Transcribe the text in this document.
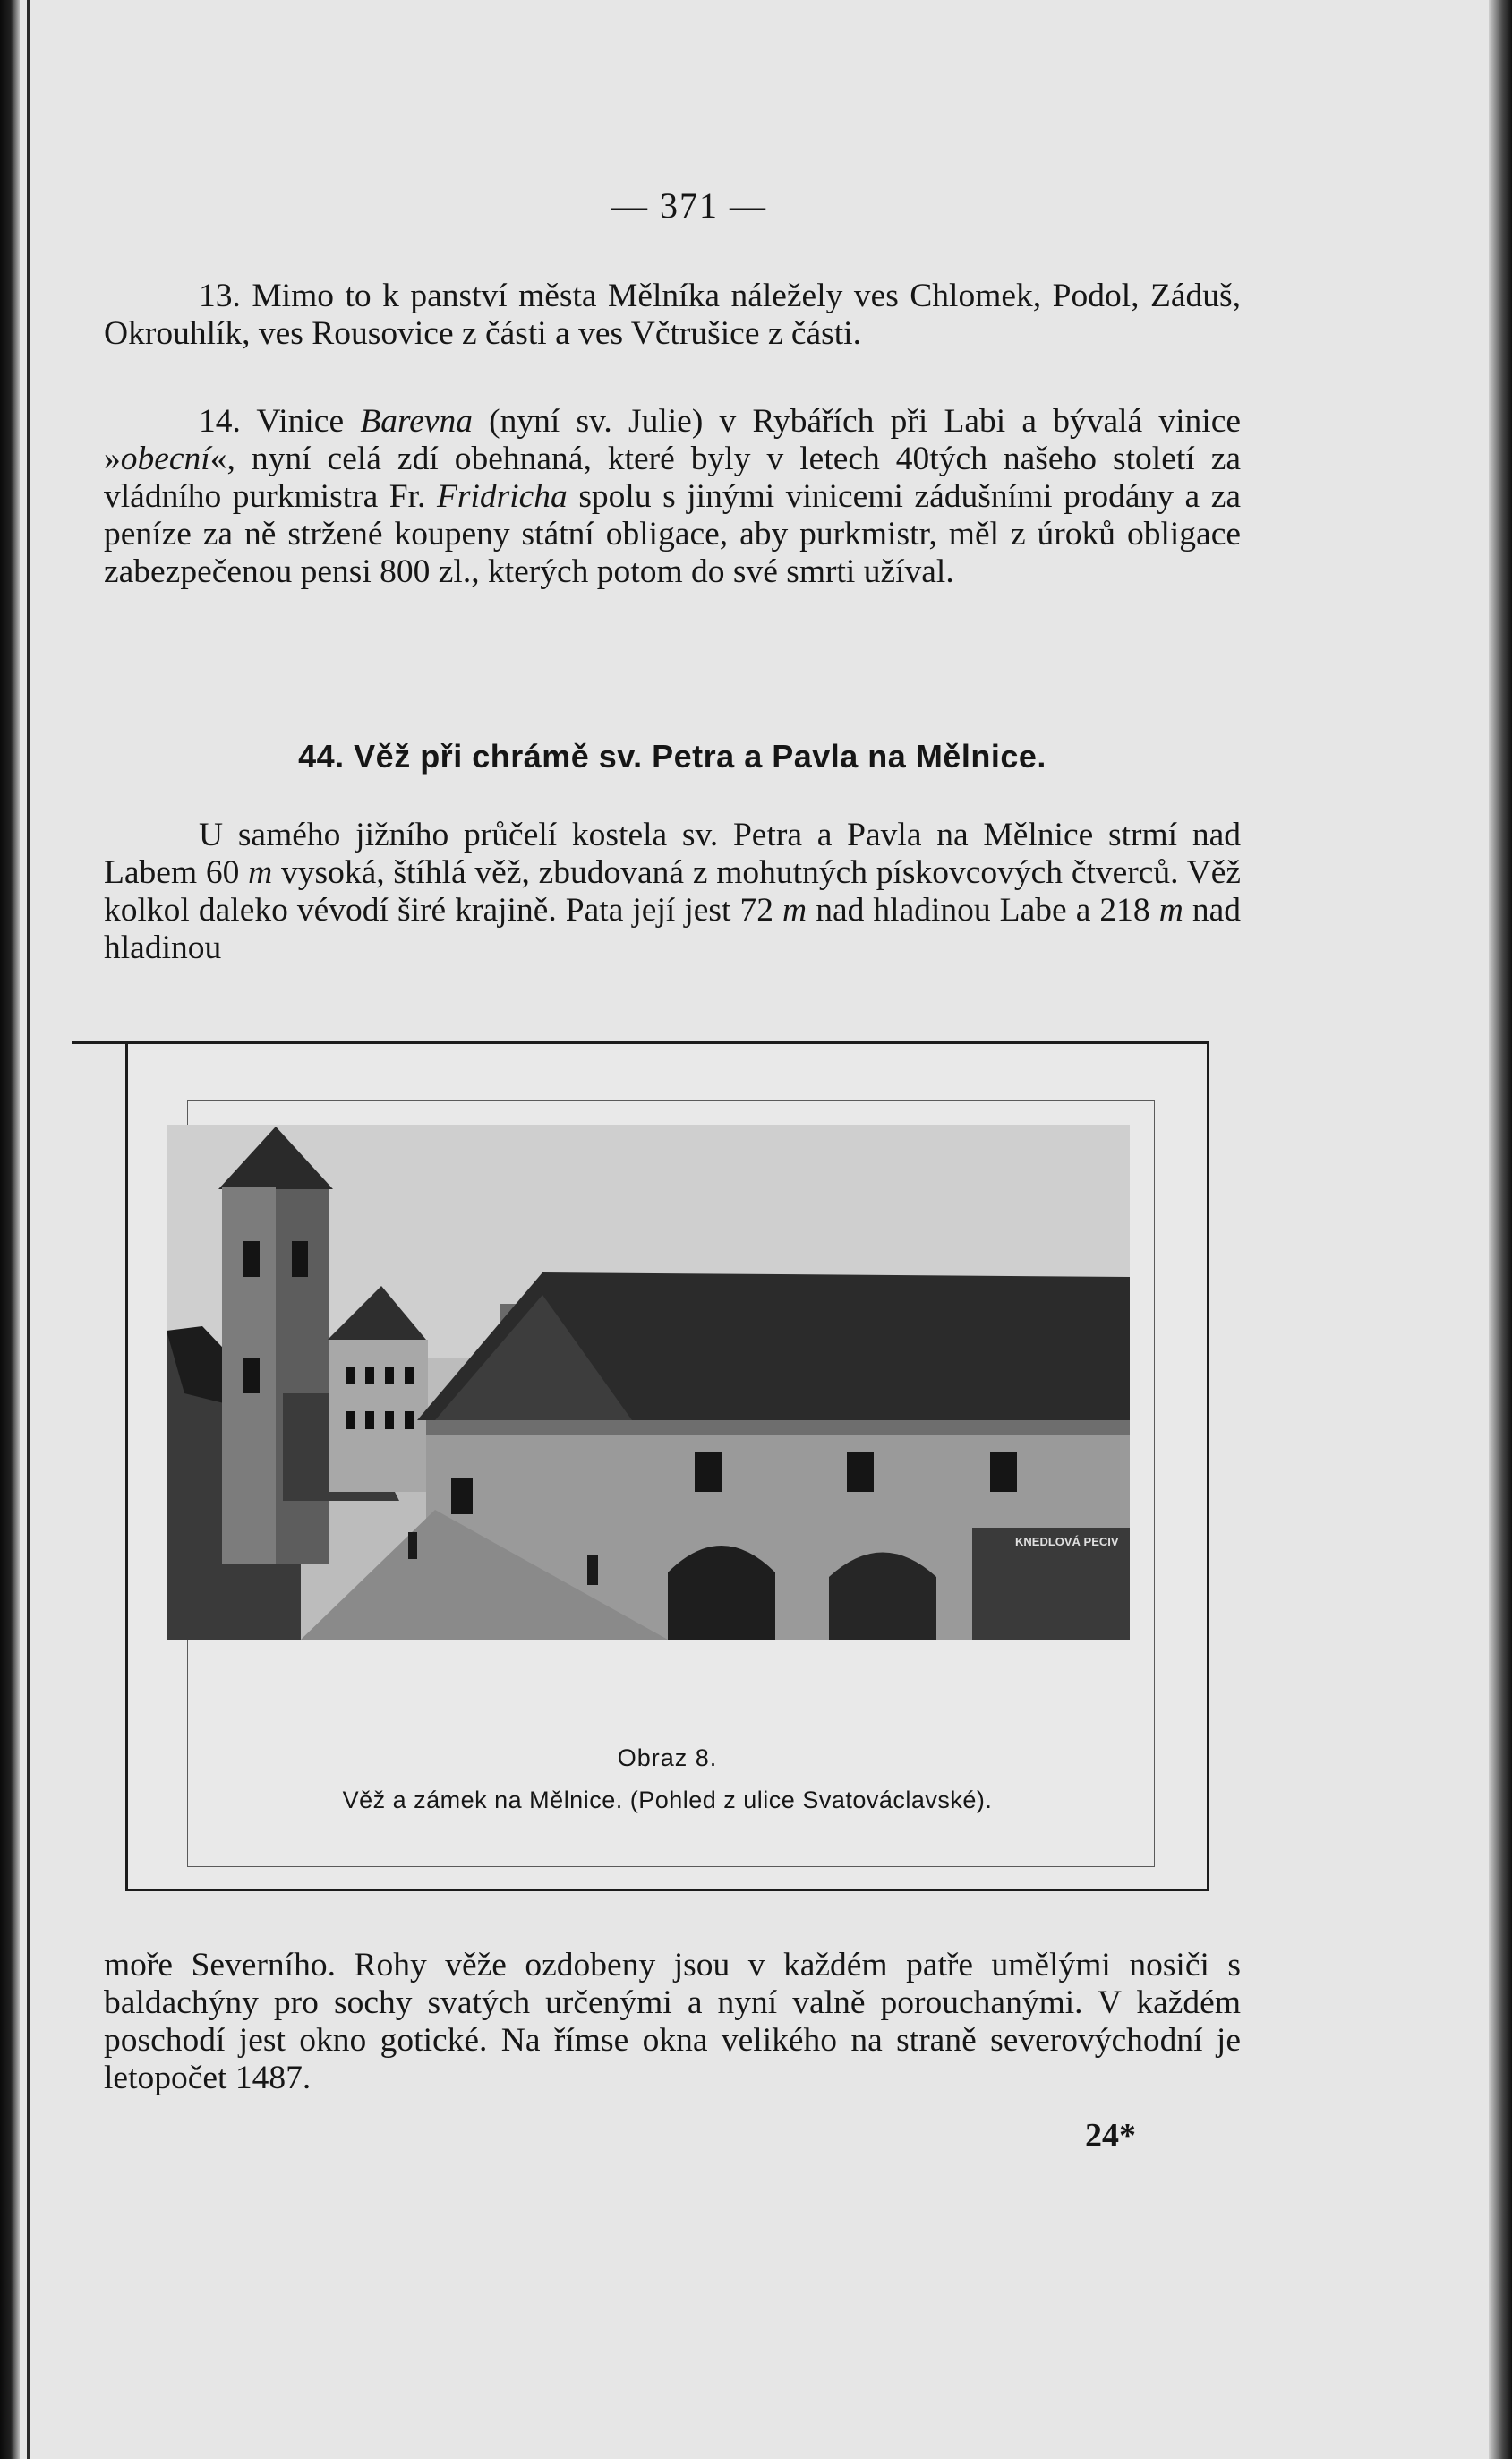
— 371 —

13. Mimo to k panství města Mělníka náležely ves Chlomek, Podol, Záduš, Okrouhlík, ves Rousovice z části a ves Včtrušice z části.

14. Vinice Barevna (nyní sv. Julie) v Rybářích při Labi a bývalá vinice »obecní«, nyní celá zdí obehnaná, které byly v letech 40tých našeho století za vládního purkmistra Fr. Fridricha spolu s jinými vinicemi zádušními prodány a za peníze za ně stržené koupeny státní obligace, aby purkmistr, měl z úroků obligace zabezpečenou pensi 800 zl., kterých potom do své smrti užíval.

44. Věž při chrámě sv. Petra a Pavla na Mělnice.

U samého jižního průčelí kostela sv. Petra a Pavla na Mělnice strmí nad Labem 60 m vysoká, štíhlá věž, zbudovaná z mohutných pískovcových čtverců. Věž kolkol daleko vévodí širé krajině. Pata její jest 72 m nad hladinou Labe a 218 m nad hladinou

KNEDLOVÁ PECIV
Obraz 8.
Věž a zámek na Mělnice. (Pohled z ulice Svatováclavské).

moře Severního. Rohy věže ozdobeny jsou v každém patře umělými nosiči s baldachýny pro sochy svatých určenými a nyní valně porouchanými. V každém poschodí jest okno gotické. Na římse okna velikého na straně severovýchodní je letopočet 1487.

24*
